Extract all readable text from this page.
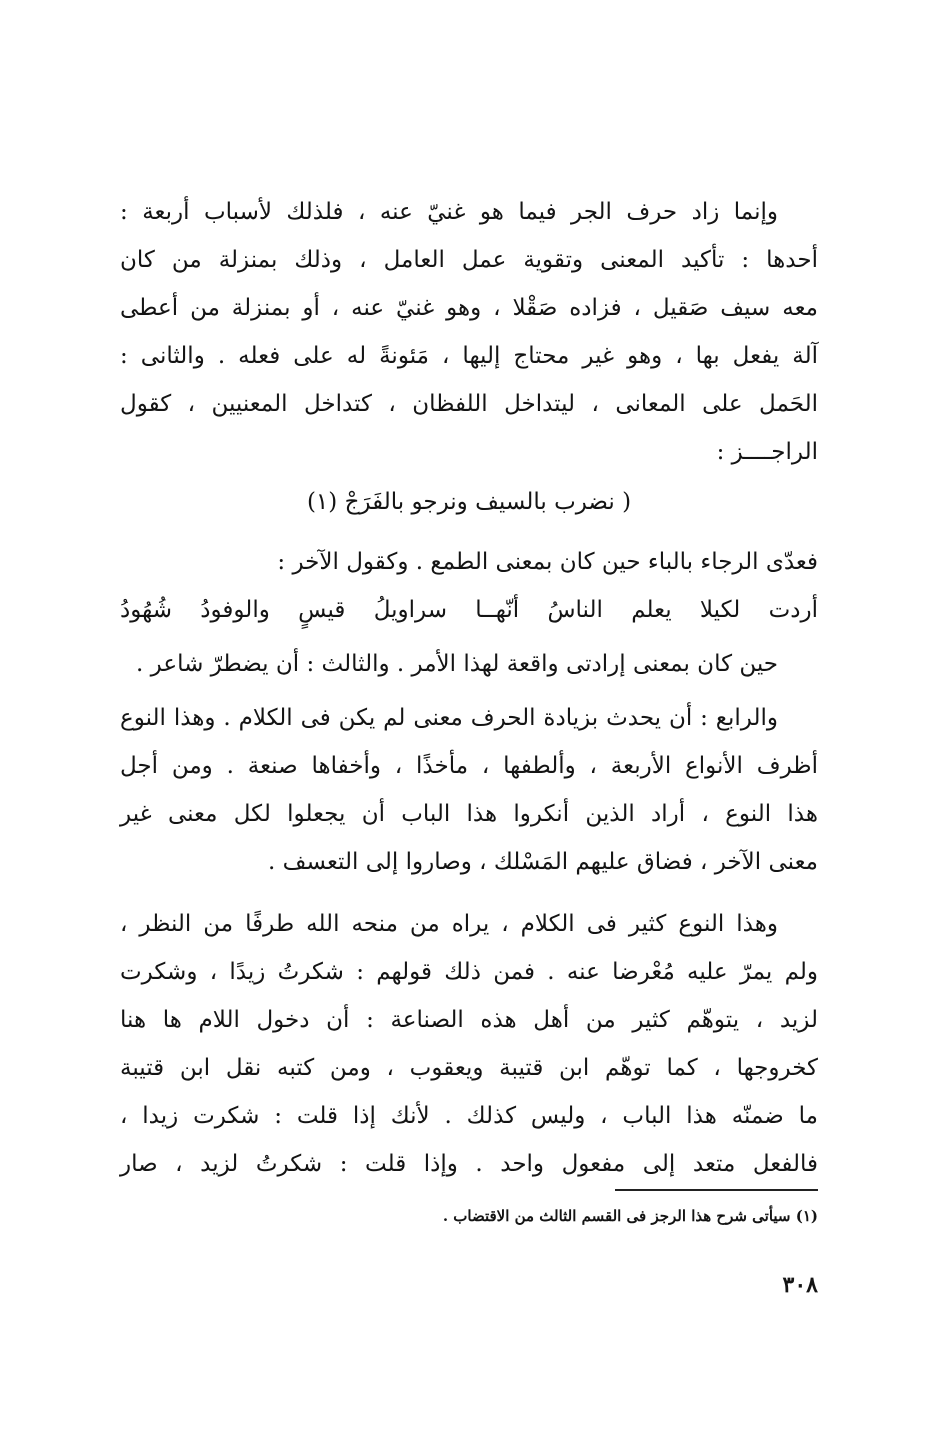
وإنما زاد حرف الجر فيما هو غنيّ عنه ، فلذلك لأسباب أربعة :
أحدها : تأكيد المعنى وتقوية عمل العامل ، وذلك بمنزلة من كان
معه سيف صَقيل ، فزاده صَقْلا ، وهو غنيّ عنه ، أو بمنزلة من أعطى
آلة يفعل بها ، وهو غير محتاج إليها ، مَئونةً له على فعله . والثانى :
الحَمل على المعانى ، ليتداخل اللفظان ، كتداخل المعنيين ، كقول
الراجــــز :
( نضرب بالسيف ونرجو بالفَرَجْ (١)
فعدّى الرجاء بالباء حين كان بمعنى الطمع . وكقول الآخر :
أردت لكيلا يعلم الناسُ أنّهــا سراويلُ قيسٍ والوفودُ شُهُودُ
حين كان بمعنى إرادتى واقعة لهذا الأمر . والثالث : أن يضطرّ شاعر .
والرابع : أن يحدث بزيادة الحرف معنى لم يكن فى الكلام . وهذا النوع
أظرف الأنواع الأربعة ، وألطفها ، مأخذًا ، وأخفاها صنعة . ومن أجل
هذا النوع ، أراد الذين أنكروا هذا الباب أن يجعلوا لكل معنى غير
معنى الآخر ، فضاق عليهم المَسْلك ، وصاروا إلى التعسف .
وهذا النوع كثير فى الكلام ، يراه من منحه الله طرفًا من النظر ،
ولم يمرّ عليه مُعْرضا عنه . فمن ذلك قولهم : شكرتُ زيدًا ، وشكرت
لزيد ، يتوهّم كثير من أهل هذه الصناعة : أن دخول اللام ها هنا
كخروجها ، كما توهّم ابن قتيبة ويعقوب ، ومن كتبه نقل ابن قتيبة
ما ضمنّه هذا الباب ، وليس كذلك . لأنك إذا قلت : شكرت زيدا ،
فالفعل متعد إلى مفعول واحد . وإذا قلت : شكرتُ لزيد ، صار
(١) سيأتى شرح هذا الرجز فى القسم الثالث من الاقتضاب .
٣٠٨
